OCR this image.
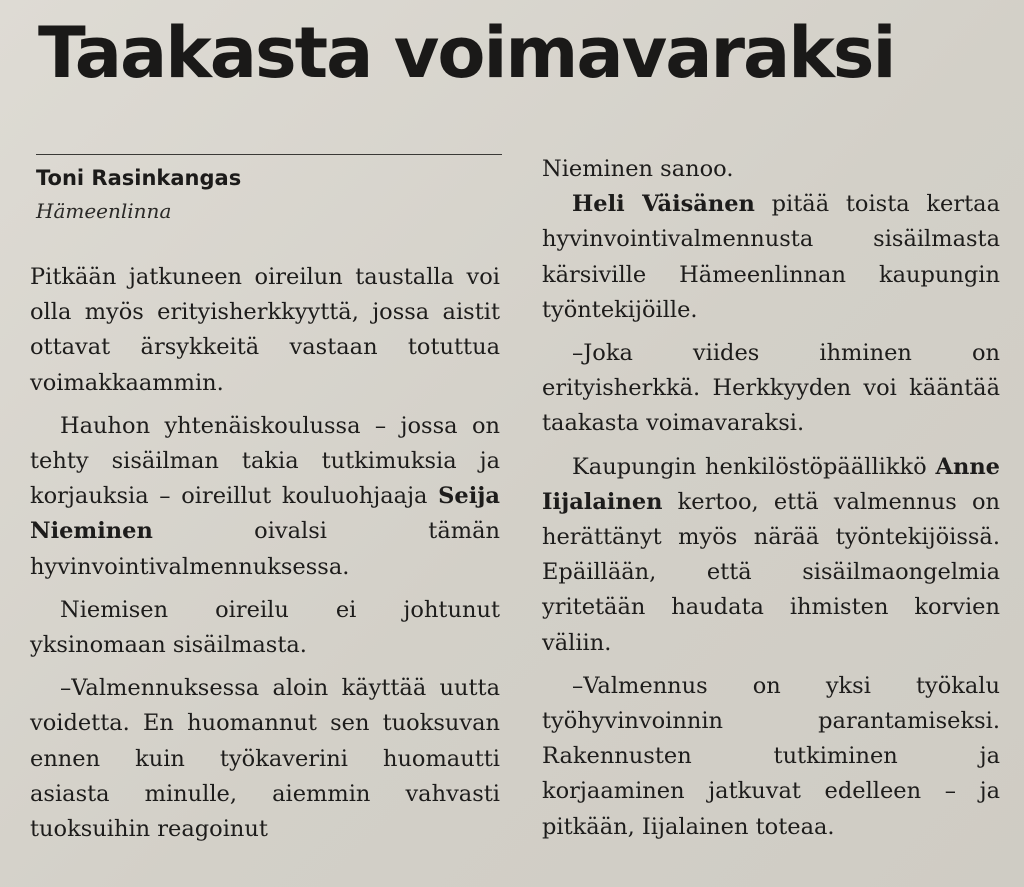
Taakasta voimavaraksi
Toni Rasinkangas
Hämeenlinna

Pitkään jatkuneen oireilun taustalla voi olla myös erityisherkkyyttä, jossa aistit ottavat ärsykkeitä vastaan totuttua voimakkaammin.

Hauhon yhtenäiskoulussa – jossa on tehty sisäilman takia tutkimuksia ja korjauksia – oireillut kouluohjaaja Seija Nieminen oivalsi tämän hyvinvointivalmennuksessa.

Niemisen oireilu ei johtunut yksinomaan sisäilmasta.

–Valmennuksessa aloin käyttää uutta voidetta. En huomannut sen tuoksuvan ennen kuin työkaverini huomautti asiasta minulle, aiemmin vahvasti tuoksuihin reagoinut

Nieminen sanoo.

Heli Väisänen pitää toista kertaa hyvinvointivalmennusta sisäilmasta kärsiville Hämeenlinnan kaupungin työntekijöille.

–Joka viides ihminen on erityisherkkä. Herkkyyden voi kääntää taakasta voimavaraksi.

Kaupungin henkilöstöpäällikkö Anne Iijalainen kertoo, että valmennus on herättänyt myös närää työntekijöissä. Epäillään, että sisäilmaongelmia yritetään haudata ihmisten korvien väliin.

–Valmennus on yksi työkalu työhyvinvoinnin parantamiseksi. Rakennusten tutkiminen ja korjaaminen jatkuvat edelleen – ja pitkään, Iijalainen toteaa.
